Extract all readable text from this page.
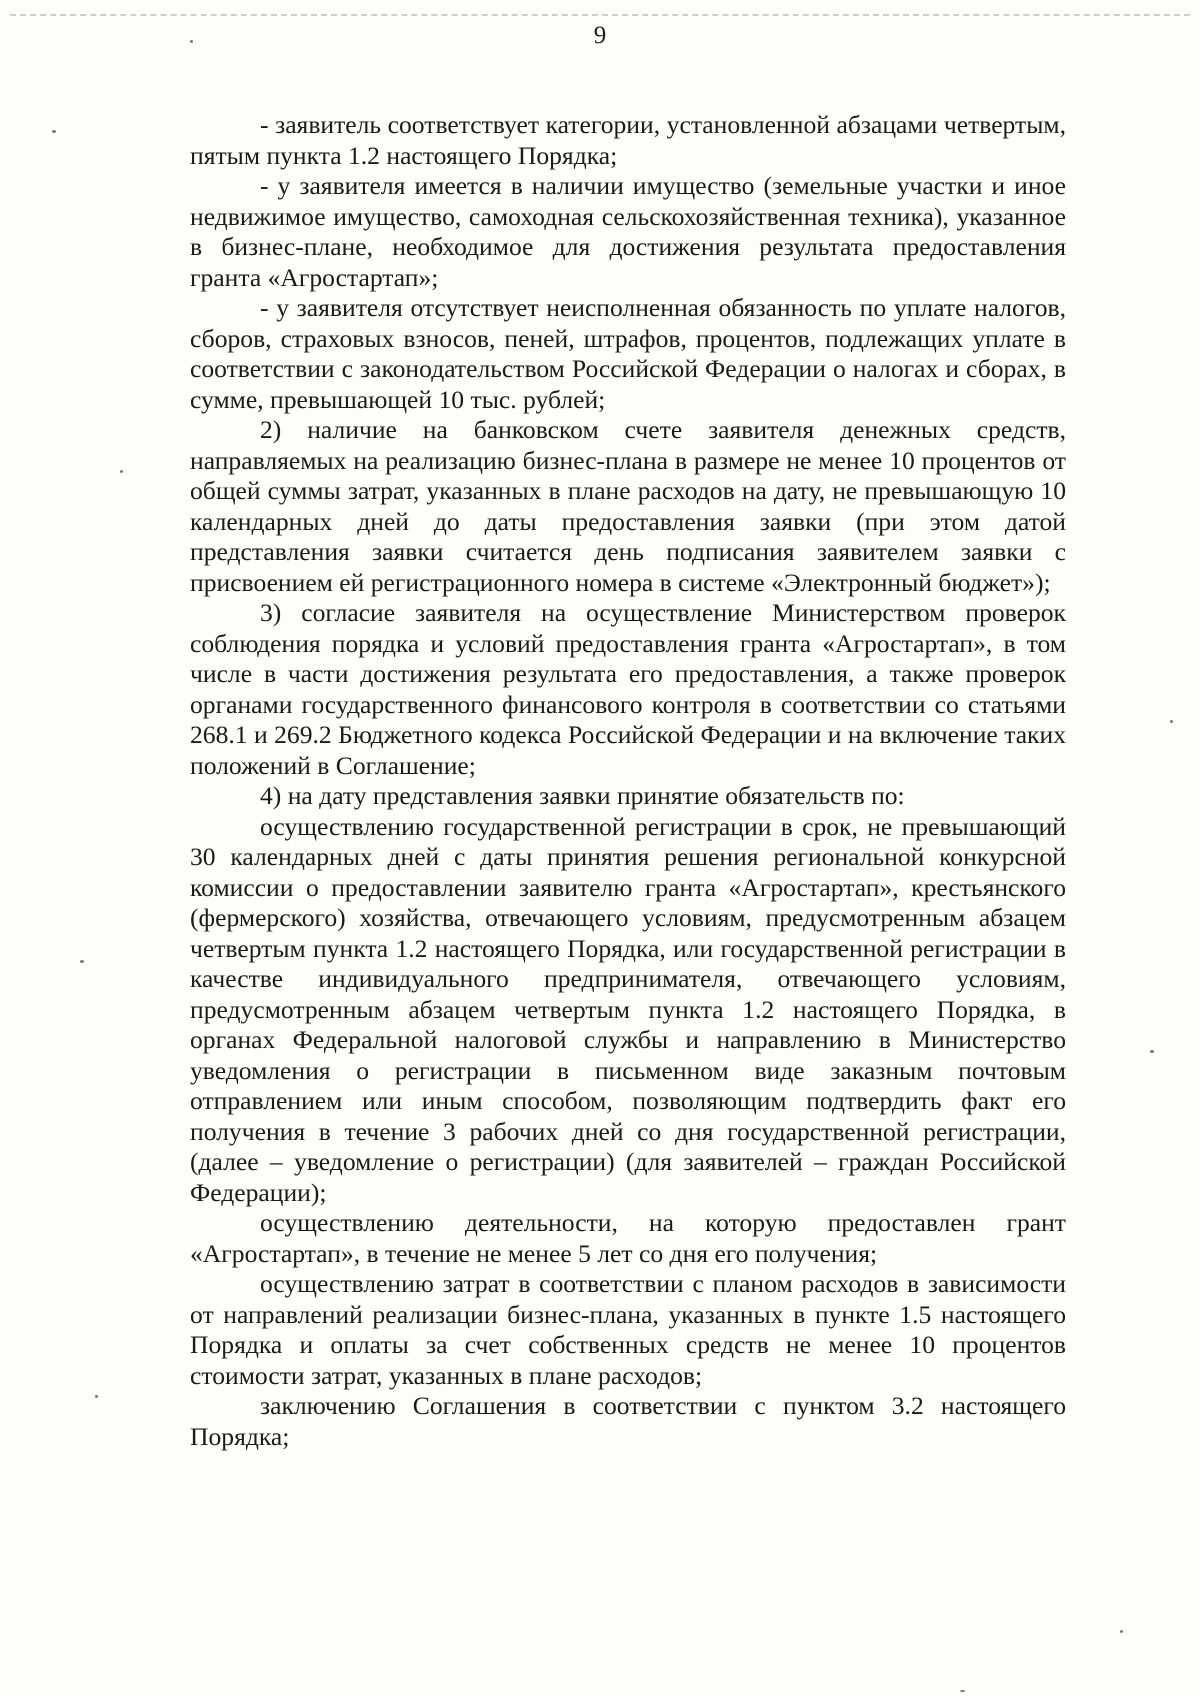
9

- заявитель соответствует категории, установленной абзацами четвертым, пятым пункта 1.2 настоящего Порядка;

- у заявителя имеется в наличии имущество (земельные участки и иное недвижимое имущество, самоходная сельскохозяйственная техника), указанное в бизнес-плане, необходимое для достижения результата предоставления гранта «Агростартап»;

- у заявителя отсутствует неисполненная обязанность по уплате налогов, сборов, страховых взносов, пеней, штрафов, процентов, подлежащих уплате в соответствии с законодательством Российской Федерации о налогах и сборах, в сумме, превышающей 10 тыс. рублей;

2) наличие на банковском счете заявителя денежных средств, направляемых на реализацию бизнес-плана в размере не менее 10 процентов от общей суммы затрат, указанных в плане расходов на дату, не превышающую 10 календарных дней до даты предоставления заявки (при этом датой представления заявки считается день подписания заявителем заявки с присвоением ей регистрационного номера в системе «Электронный бюджет»);

3) согласие заявителя на осуществление Министерством проверок соблюдения порядка и условий предоставления гранта «Агростартап», в том числе в части достижения результата его предоставления, а также проверок органами государственного финансового контроля в соответствии со статьями 268.1 и 269.2 Бюджетного кодекса Российской Федерации и на включение таких положений в Соглашение;

4) на дату представления заявки принятие обязательств по:

осуществлению государственной регистрации в срок, не превышающий 30 календарных дней с даты принятия решения региональной конкурсной комиссии о предоставлении заявителю гранта «Агростартап», крестьянского (фермерского) хозяйства, отвечающего условиям, предусмотренным абзацем четвертым пункта 1.2 настоящего Порядка, или государственной регистрации в качестве индивидуального предпринимателя, отвечающего условиям, предусмотренным абзацем четвертым пункта 1.2 настоящего Порядка, в органах Федеральной налоговой службы и направлению в Министерство уведомления о регистрации в письменном виде заказным почтовым отправлением или иным способом, позволяющим подтвердить факт его получения в течение 3 рабочих дней со дня государственной регистрации, (далее – уведомление о регистрации) (для заявителей – граждан Российской Федерации);

осуществлению деятельности, на которую предоставлен грант «Агростартап», в течение не менее 5 лет со дня его получения;

осуществлению затрат в соответствии с планом расходов в зависимости от направлений реализации бизнес-плана, указанных в пункте 1.5 настоящего Порядка и оплаты за счет собственных средств не менее 10 процентов стоимости затрат, указанных в плане расходов;

заключению Соглашения в соответствии с пунктом 3.2 настоящего Порядка;
